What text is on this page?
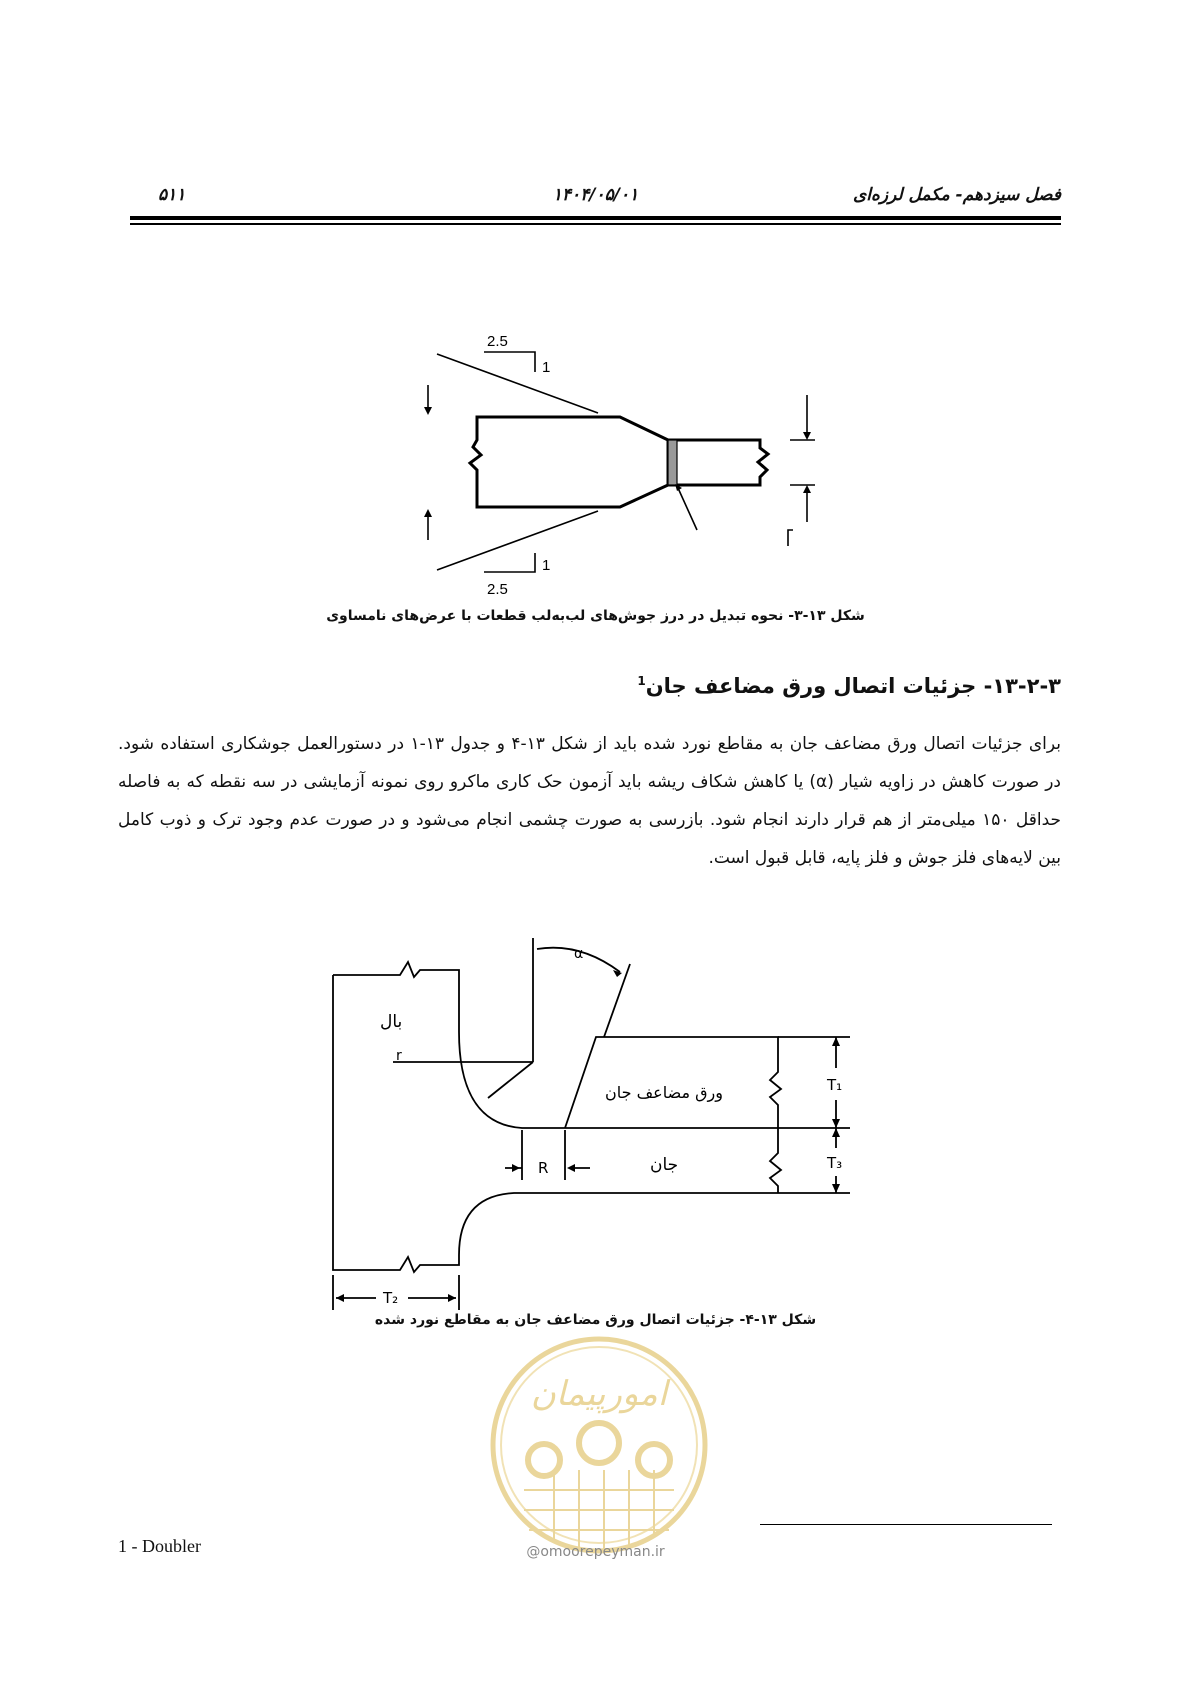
۵۱۱	۱۴۰۴/۰۵/۰۱	فصل سیزدهم- مکمل لرزه‌ای
2.5
1
2.5
1
شکل ۱۳-۳- نحوه تبدیل در درز جوش‌های لب‌به‌لب قطعات با عرض‌های نامساوی
۱۳-۲-۳- جزئیات اتصال ورق مضاعف جان$^1$
برای جزئیات اتصال ورق مضاعف جان به مقاطع نورد شده باید از شکل ۱۳-۴ و جدول ۱۳-۱ در دستورالعمل جوشکاری استفاده شود. در صورت کاهش در زاویه شیار (α) یا کاهش شکاف ریشه باید آزمون حک کاری ماکرو روی نمونه آزمایشی در سه نقطه که به فاصله حداقل ۱۵۰ میلی‌متر از هم قرار دارند انجام شود. بازرسی به صورت چشمی انجام می‌شود و در صورت عدم وجود ترک و ذوب کامل بین لایه‌های فلز جوش و فلز پایه، قابل قبول است.
بال
ورق مضاعف جان
جان
α
r
R
T₁
T₃
T₂
شکل ۱۳-۴- جزئیات اتصال ورق مضاعف جان به مقاطع نورد شده
امورپیمان
@omoorepeyman.ir
1 - Doubler
